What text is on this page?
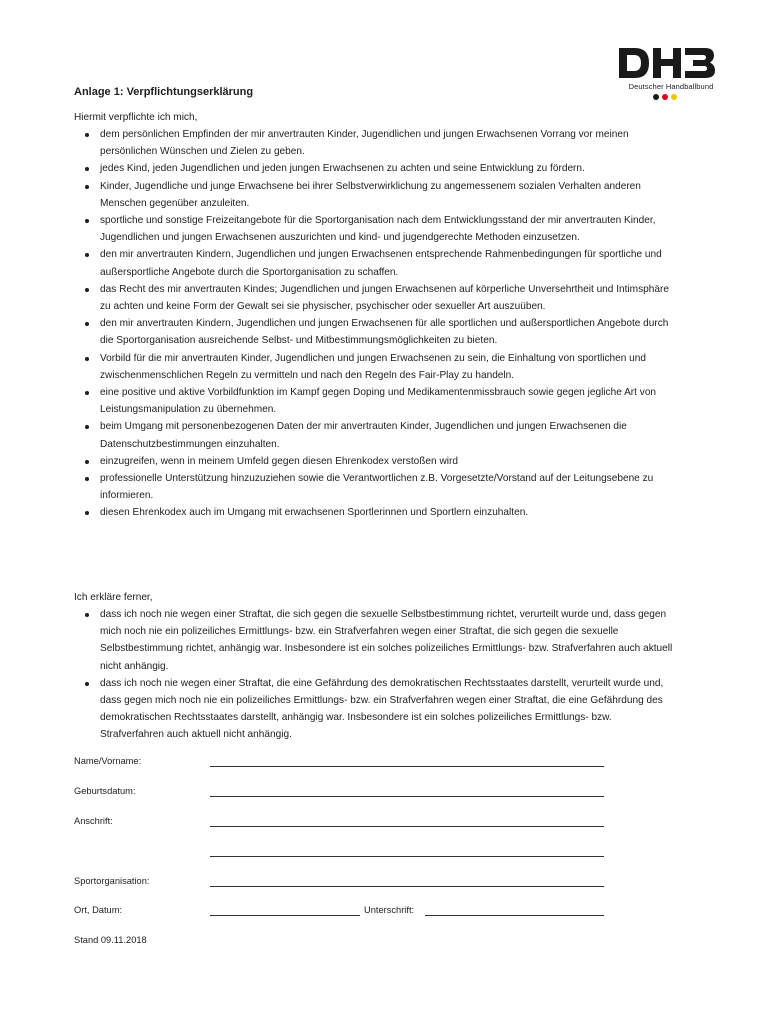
Deutscher Handballbund
Anlage 1: Verpflichtungserklärung
Hiermit verpflichte ich mich,
dem persönlichen Empfinden der mir anvertrauten Kinder, Jugendlichen und jungen Erwachsenen Vorrang vor meinen persönlichen Wünschen und Zielen zu geben.
jedes Kind, jeden Jugendlichen und jeden jungen Erwachsenen zu achten und seine Entwicklung zu fördern.
Kinder, Jugendliche und junge Erwachsene bei ihrer Selbstverwirklichung zu angemessenem sozialen Verhalten anderen Menschen gegenüber anzuleiten.
sportliche und sonstige Freizeitangebote für die Sportorganisation nach dem Entwicklungsstand der mir anvertrauten Kinder, Jugendlichen und jungen Erwachsenen auszurichten und kind- und jugendgerechte Methoden einzusetzen.
den mir anvertrauten Kindern, Jugendlichen und jungen Erwachsenen entsprechende Rahmenbedingungen für sportliche und außersportliche Angebote durch die Sportorganisation zu schaffen.
das Recht des mir anvertrauten Kindes; Jugendlichen und jungen Erwachsenen auf körperliche Unversehrtheit und Intimsphäre zu achten und keine Form der Gewalt sei sie physischer, psychischer oder sexueller Art auszuüben.
den mir anvertrauten Kindern, Jugendlichen und jungen Erwachsenen für alle sportlichen und außersportlichen Angebote durch die Sportorganisation ausreichende Selbst- und Mitbestimmungsmöglichkeiten zu bieten.
Vorbild für die mir anvertrauten Kinder, Jugendlichen und jungen Erwachsenen zu sein, die Einhaltung von sportlichen und zwischenmenschlichen Regeln zu vermitteln und nach den Regeln des Fair-Play zu handeln.
eine positive und aktive Vorbildfunktion im Kampf gegen Doping und Medikamentenmissbrauch sowie gegen jegliche Art von Leistungsmanipulation zu übernehmen.
beim Umgang mit personenbezogenen Daten der mir anvertrauten Kinder, Jugendlichen und jungen Erwachsenen die Datenschutzbestimmungen einzuhalten.
einzugreifen, wenn in meinem Umfeld gegen diesen Ehrenkodex verstoßen wird
professionelle Unterstützung hinzuzuziehen sowie die Verantwortlichen z.B. Vorgesetzte/Vorstand auf der Leitungsebene zu informieren.
diesen Ehrenkodex auch im Umgang mit erwachsenen Sportlerinnen und Sportlern einzuhalten.
Ich erkläre ferner,
dass ich noch nie wegen einer Straftat, die sich gegen die sexuelle Selbstbestimmung richtet, verurteilt wurde und, dass gegen mich noch nie ein polizeiliches Ermittlungs- bzw. ein Strafverfahren wegen einer Straftat, die sich gegen die sexuelle Selbstbestimmung richtet, anhängig war. Insbesondere ist ein solches polizeiliches Ermittlungs- bzw. Strafverfahren auch aktuell nicht anhängig.
dass ich noch nie wegen einer Straftat, die eine Gefährdung des demokratischen Rechtsstaates darstellt, verurteilt wurde und, dass gegen mich noch nie ein polizeiliches Ermittlungs- bzw. ein Strafverfahren wegen einer Straftat, die eine Gefährdung des demokratischen Rechtsstaates darstellt, anhängig war. Insbesondere ist ein solches polizeiliches Ermittlungs- bzw. Strafverfahren auch aktuell nicht anhängig.
Name/Vorname:
Geburtsdatum:
Anschrift:
Sportorganisation:
Ort, Datum:	Unterschrift:
Stand 09.11.2018
